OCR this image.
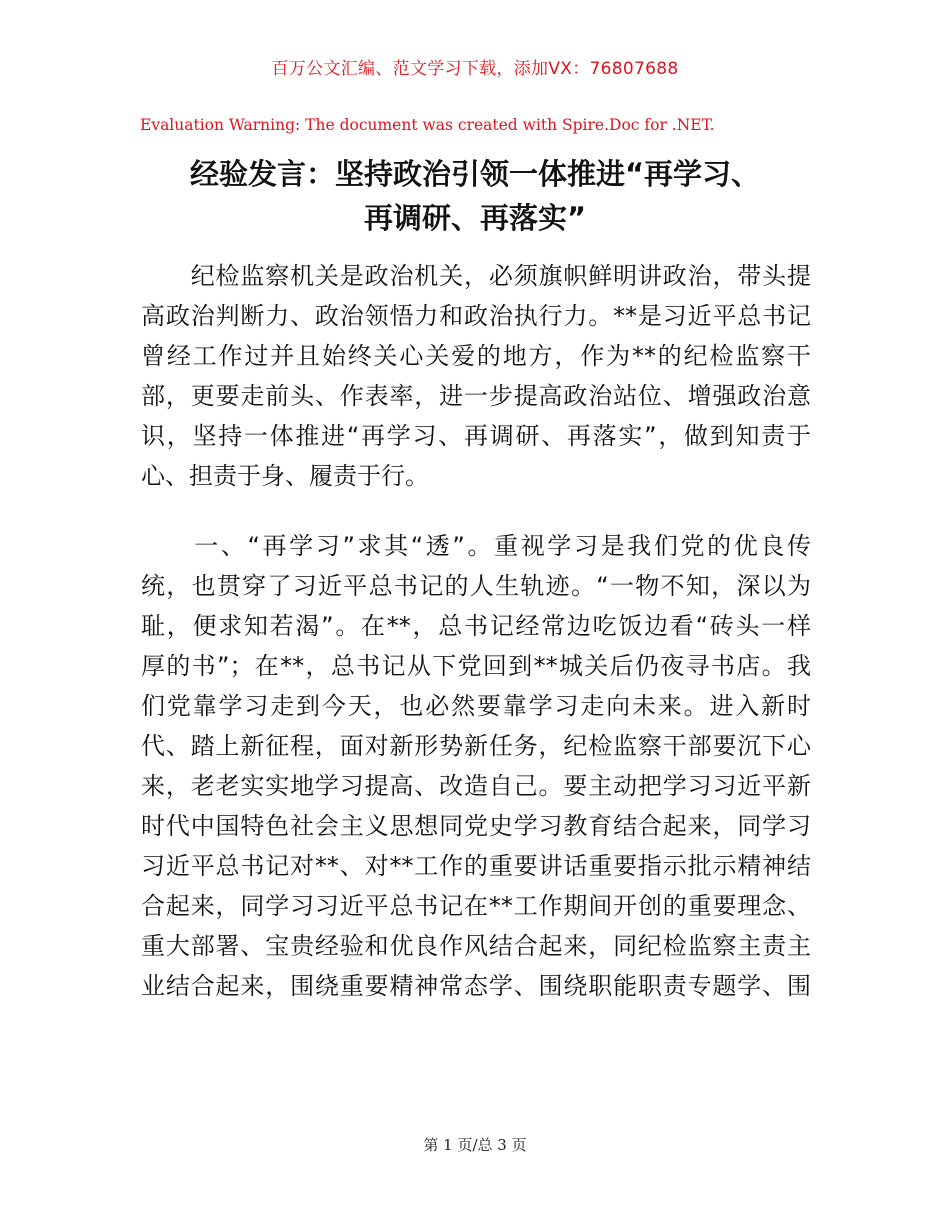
百万公文汇编、范文学习下载，添加VX：76807688
Evaluation Warning: The document was created with Spire.Doc for .NET.
经验发言：坚持政治引领一体推进“再学习、
再调研、再落实”
　　纪检监察机关是政治机关，必须旗帜鲜明讲政治，带头提
高政治判断力、政治领悟力和政治执行力。**是习近平总书记
曾经工作过并且始终关心关爱的地方，作为**的纪检监察干
部，更要走前头、作表率，进一步提高政治站位、增强政治意
识，坚持一体推进“再学习、再调研、再落实”，做到知责于
心、担责于身、履责于行。
　　一、“再学习”求其“透”。重视学习是我们党的优良传
统，也贯穿了习近平总书记的人生轨迹。“一物不知，深以为
耻，便求知若渴”。在**，总书记经常边吃饭边看“砖头一样
厚的书”；在**，总书记从下党回到**城关后仍夜寻书店。我
们党靠学习走到今天，也必然要靠学习走向未来。进入新时
代、踏上新征程，面对新形势新任务，纪检监察干部要沉下心
来，老老实实地学习提高、改造自己。要主动把学习习近平新
时代中国特色社会主义思想同党史学习教育结合起来，同学习
习近平总书记对**、对**工作的重要讲话重要指示批示精神结
合起来，同学习习近平总书记在**工作期间开创的重要理念、
重大部署、宝贵经验和优良作风结合起来，同纪检监察主责主
业结合起来，围绕重要精神常态学、围绕职能职责专题学、围
第 1 页/总 3 页
